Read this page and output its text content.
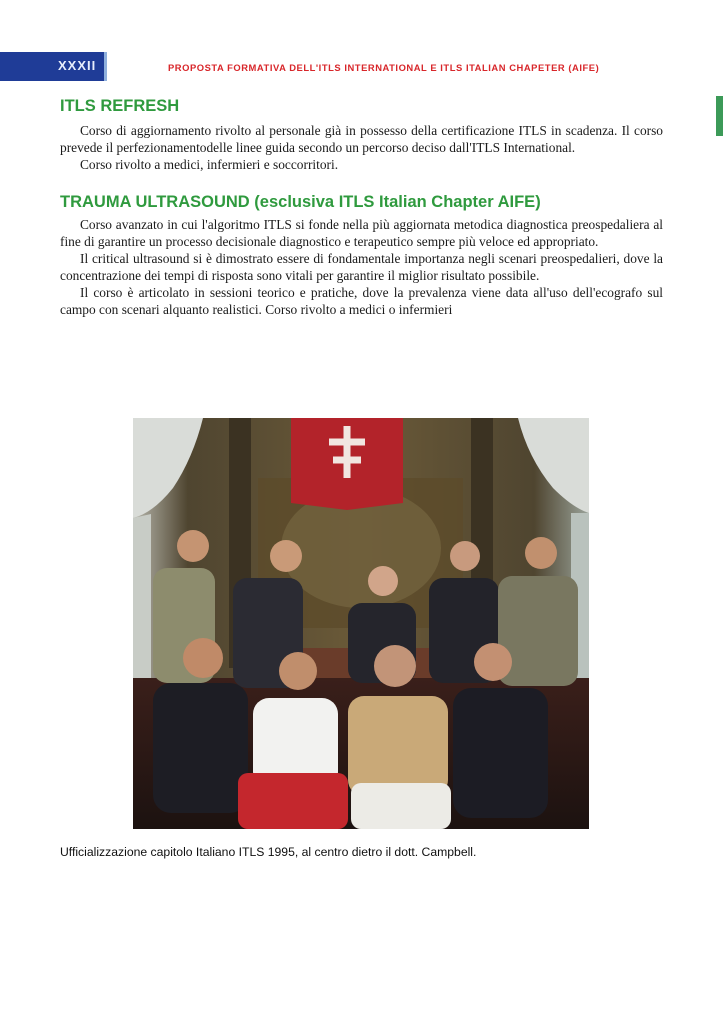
XXXII	PROPOSTA FORMATIVA DELL'ITLS INTERNATIONAL E ITLS ITALIAN CHAPETER (AIFE)
ITLS REFRESH

Corso di aggiornamento rivolto al personale già in possesso della certificazione ITLS in scadenza. Il corso prevede il perfezionamentodelle linee guida secondo un percorso deciso dall'ITLS International.

Corso rivolto a medici, infermieri e soccorritori.

TRAUMA ULTRASOUND (esclusiva ITLS Italian Chapter AIFE)

Corso avanzato in cui l'algoritmo ITLS si fonde nella più aggiornata metodica diagnostica preospedaliera al fine di garantire un processo decisionale diagnostico e terapeutico sempre più veloce ed appropriato.

Il critical ultrasound si è dimostrato essere di fondamentale importanza negli scenari preospedalieri, dove la concentrazione dei tempi di risposta sono vitali per garantire il miglior risultato possibile.

Il corso è articolato in sessioni teorico e pratiche, dove la prevalenza viene data all'uso dell'ecografo sul campo con scenari alquanto realistici. Corso rivolto a medici o infermieri

Ufficializzazione capitolo Italiano ITLS 1995, al centro dietro il dott. Campbell.
